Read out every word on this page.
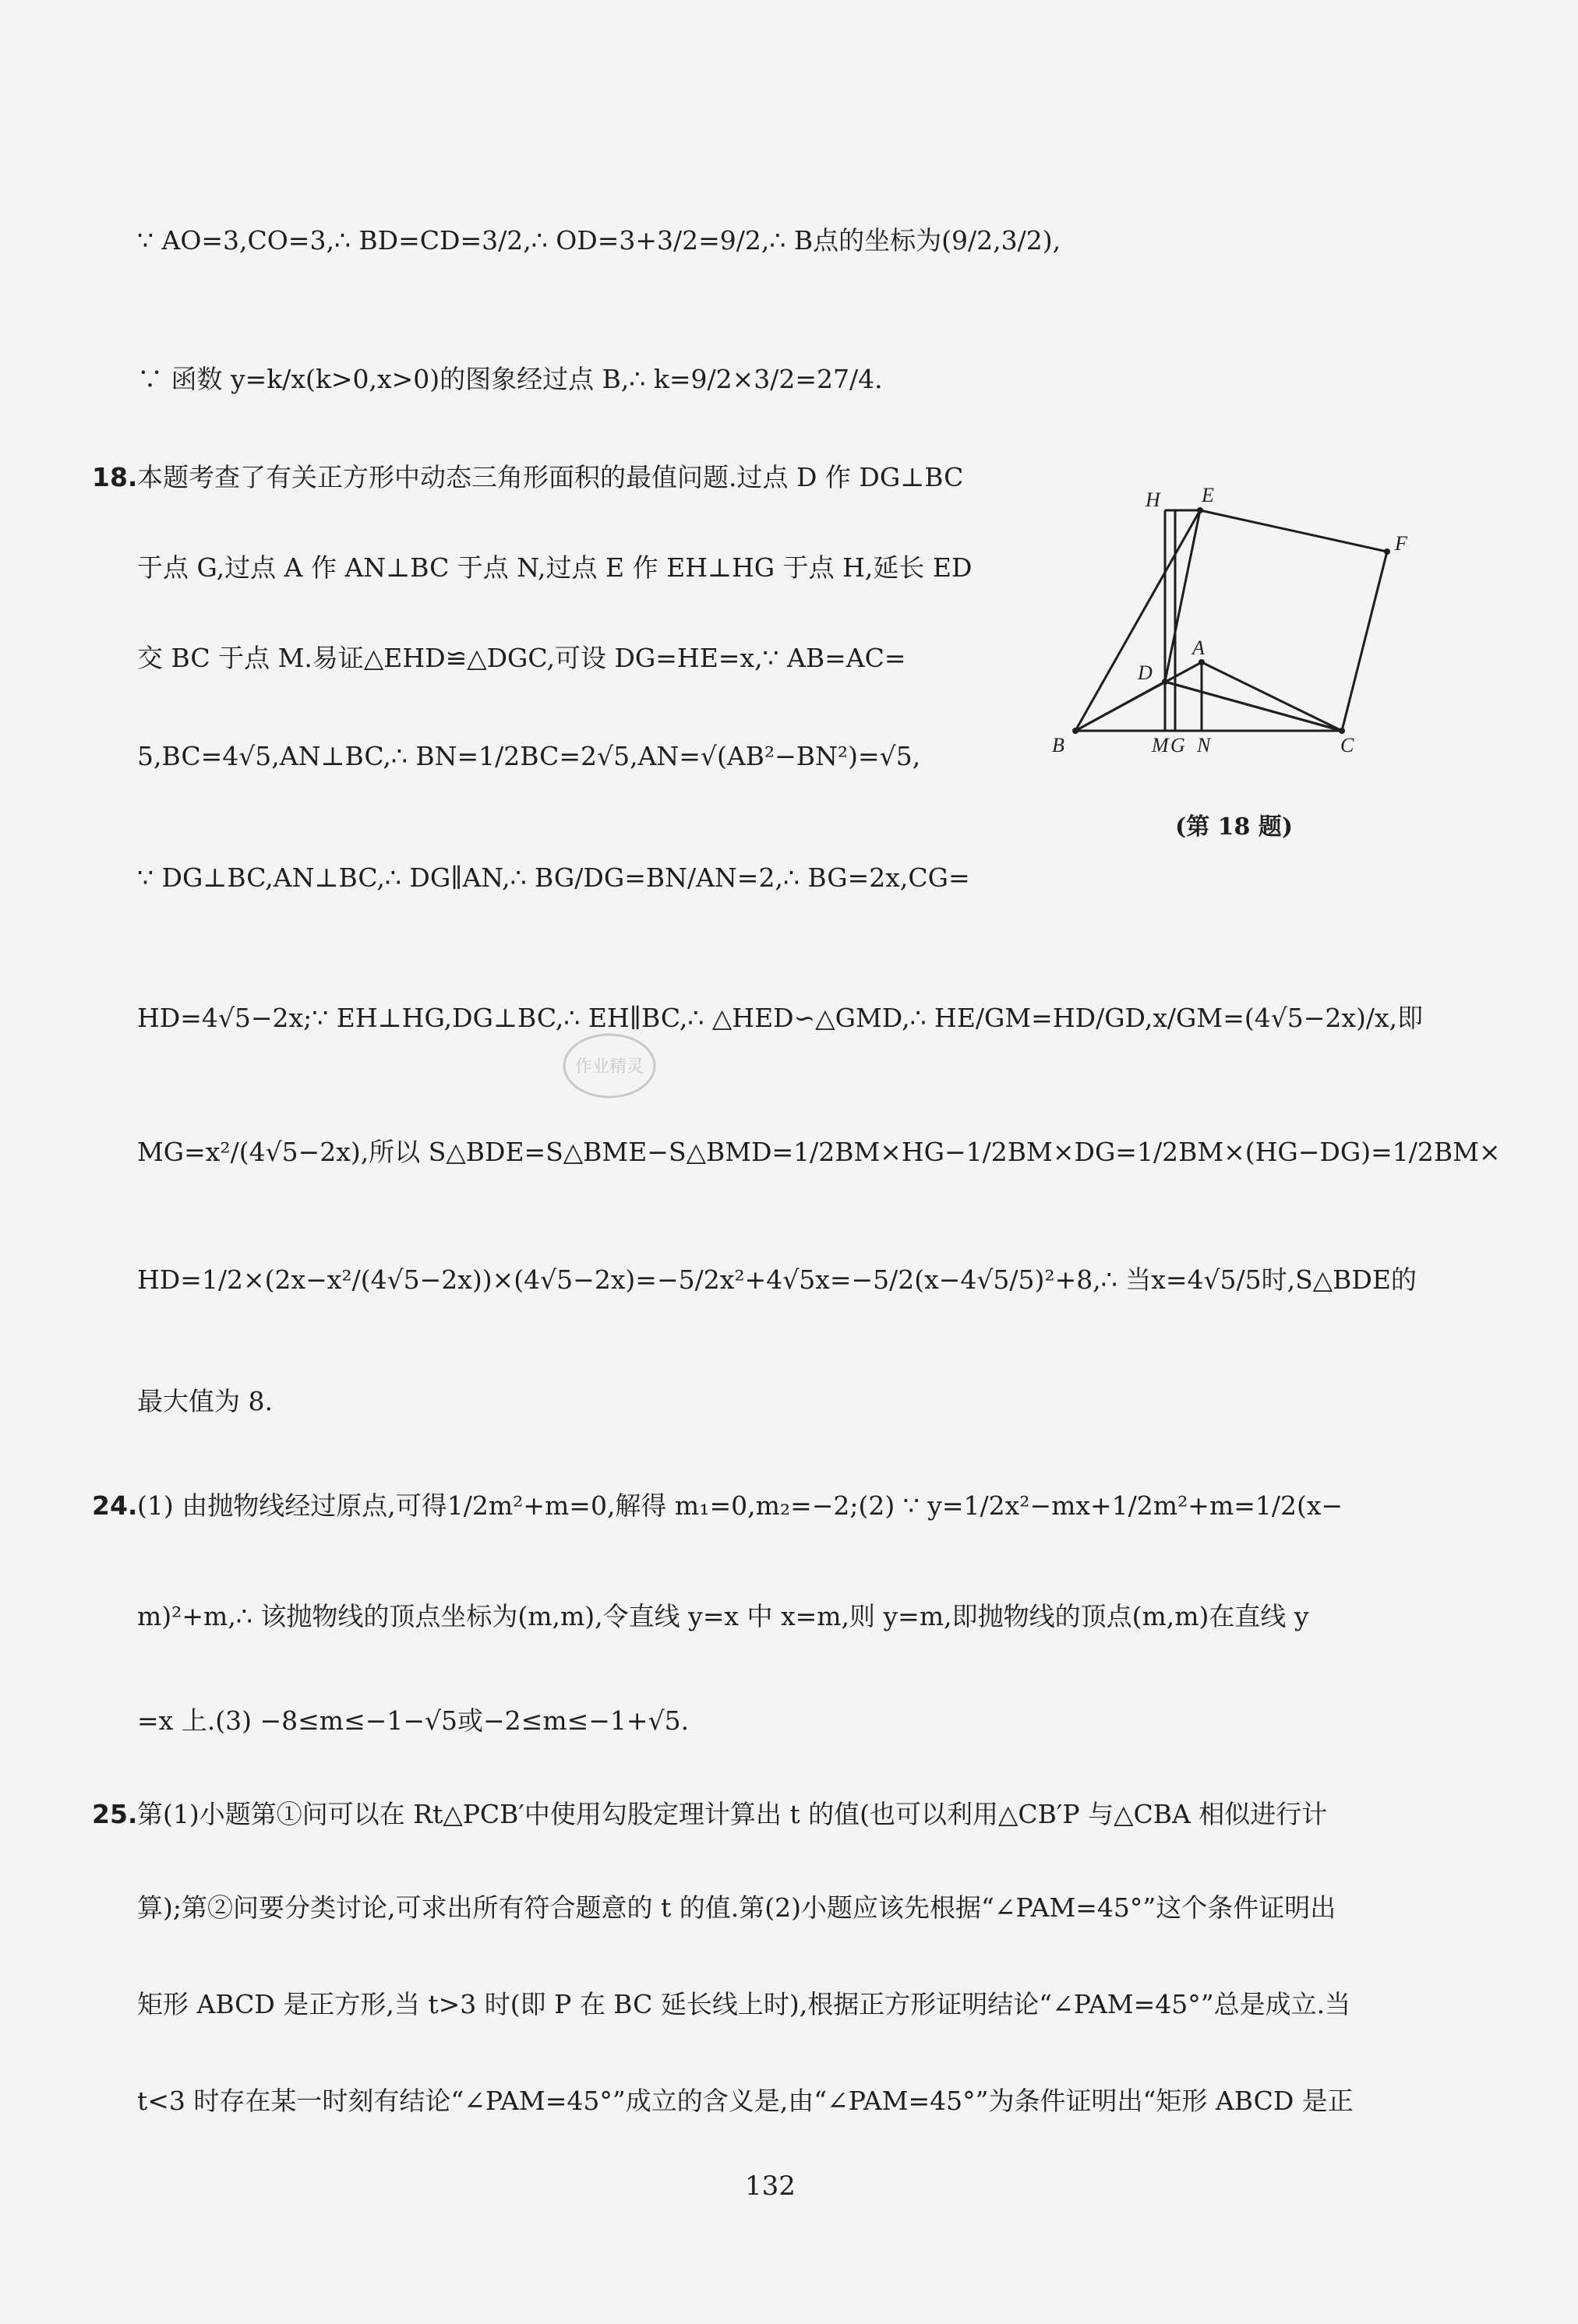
∵ AO=3,CO=3,∴ BD=CD=3/2,∴ OD=3+3/2=9/2,∴ B点的坐标为(9/2,3/2),
∵ 函数 y=k/x(k>0,x>0)的图象经过点 B,∴ k=9/2×3/2=27/4.
18. 本题考查了有关正方形中动态三角形面积的最值问题.过点 D 作 DG⊥BC
于点 G,过点 A 作 AN⊥BC 于点 N,过点 E 作 EH⊥HG 于点 H,延长 ED
交 BC 于点 M.易证△EHD≌△DGC,可设 DG=HE=x,∵ AB=AC=
5,BC=4√5,AN⊥BC,∴ BN=1/2BC=2√5,AN=√(AB²−BN²)=√5,
∵ DG⊥BC,AN⊥BC,∴ DG∥AN,∴ BG/DG=BN/AN=2,∴ BG=2x,CG=
HD=4√5−2x;∵ EH⊥HG,DG⊥BC,∴ EH∥BC,∴ △HED∽△GMD,∴ HE/GM=HD/GD,x/GM=(4√5−2x)/x,即
MG=x²/(4√5−2x),所以 S△BDE=S△BME−S△BMD=1/2BM×HG−1/2BM×DG=1/2BM×(HG−DG)=1/2BM×
HD=1/2×(2x−x²/(4√5−2x))×(4√5−2x)=−5/2x²+4√5x=−5/2(x−4√5/5)²+8,∴ 当x=4√5/5时,S△BDE的
最大值为 8.
H E
F
A
D
B	M G N	C
(第 18 题)
作业精灵
24. (1) 由抛物线经过原点,可得1/2m²+m=0,解得 m₁=0,m₂=−2;(2) ∵ y=1/2x²−mx+1/2m²+m=1/2(x−
m)²+m,∴ 该抛物线的顶点坐标为(m,m),令直线 y=x 中 x=m,则 y=m,即抛物线的顶点(m,m)在直线 y
=x 上.(3) −8≤m≤−1−√5或−2≤m≤−1+√5.
25. 第(1)小题第①问可以在 Rt△PCB′中使用勾股定理计算出 t 的值(也可以利用△CB′P 与△CBA 相似进行计
算);第②问要分类讨论,可求出所有符合题意的 t 的值.第(2)小题应该先根据“∠PAM=45°”这个条件证明出
矩形 ABCD 是正方形,当 t>3 时(即 P 在 BC 延长线上时),根据正方形证明结论“∠PAM=45°”总是成立.当
t<3 时存在某一时刻有结论“∠PAM=45°”成立的含义是,由“∠PAM=45°”为条件证明出“矩形 ABCD 是正
132
